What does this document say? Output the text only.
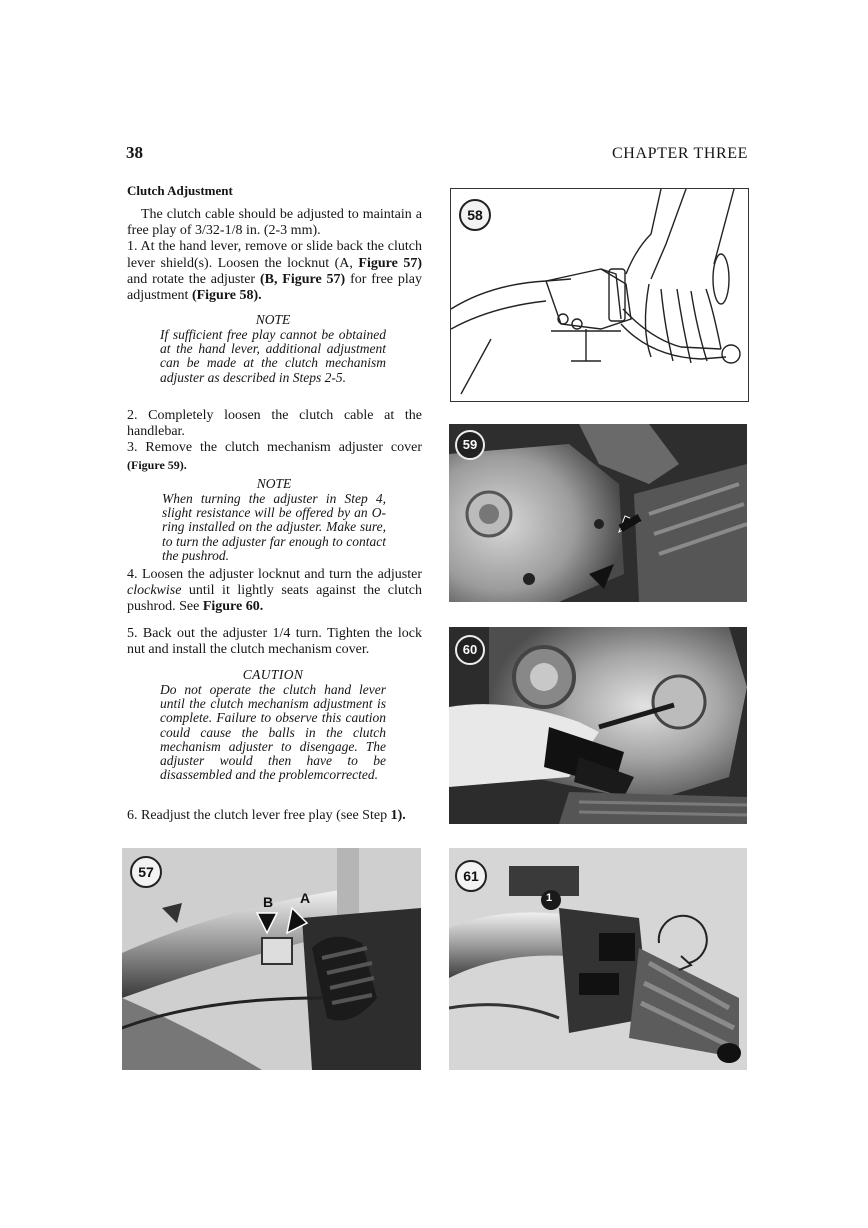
38	CHAPTER THREE
Clutch Adjustment

The clutch cable should be adjusted to maintain a free play of 3/32-1/8 in. (2-3 mm).

1. At the hand lever, remove or slide back the clutch lever shield(s). Loosen the locknut (A, Figure 57) and rotate the adjuster (B, Figure 57) for free play adjustment (Figure 58).

NOTE
If sufficient free play cannot be obtained at the hand lever, additional adjustment can be made at the clutch mechanism adjuster as described in Steps 2-5.

2. Completely loosen the clutch cable at the handlebar.

3. Remove the clutch mechanism adjuster cover (Figure 59).

NOTE
When turning the adjuster in Step 4, slight resistance will be offered by an O-ring installed on the adjuster. Make sure, to turn the adjuster far enough to contact the pushrod.

4. Loosen the adjuster locknut and turn the adjuster clockwise until it lightly seats against the clutch pushrod. See Figure 60.

5. Back out the adjuster 1/4 turn. Tighten the lock nut and install the clutch mechanism cover.

CAUTION
Do not operate the clutch hand lever until the clutch mechanism adjustment is complete. Failure to observe this caution could cause the balls in the clutch mechanism adjuster to disengage. The adjuster would then have to be disassembled and the problemcorrected.

6. Readjust the clutch lever free play (see Step 1).

58
59
60
B A
57
1
61
